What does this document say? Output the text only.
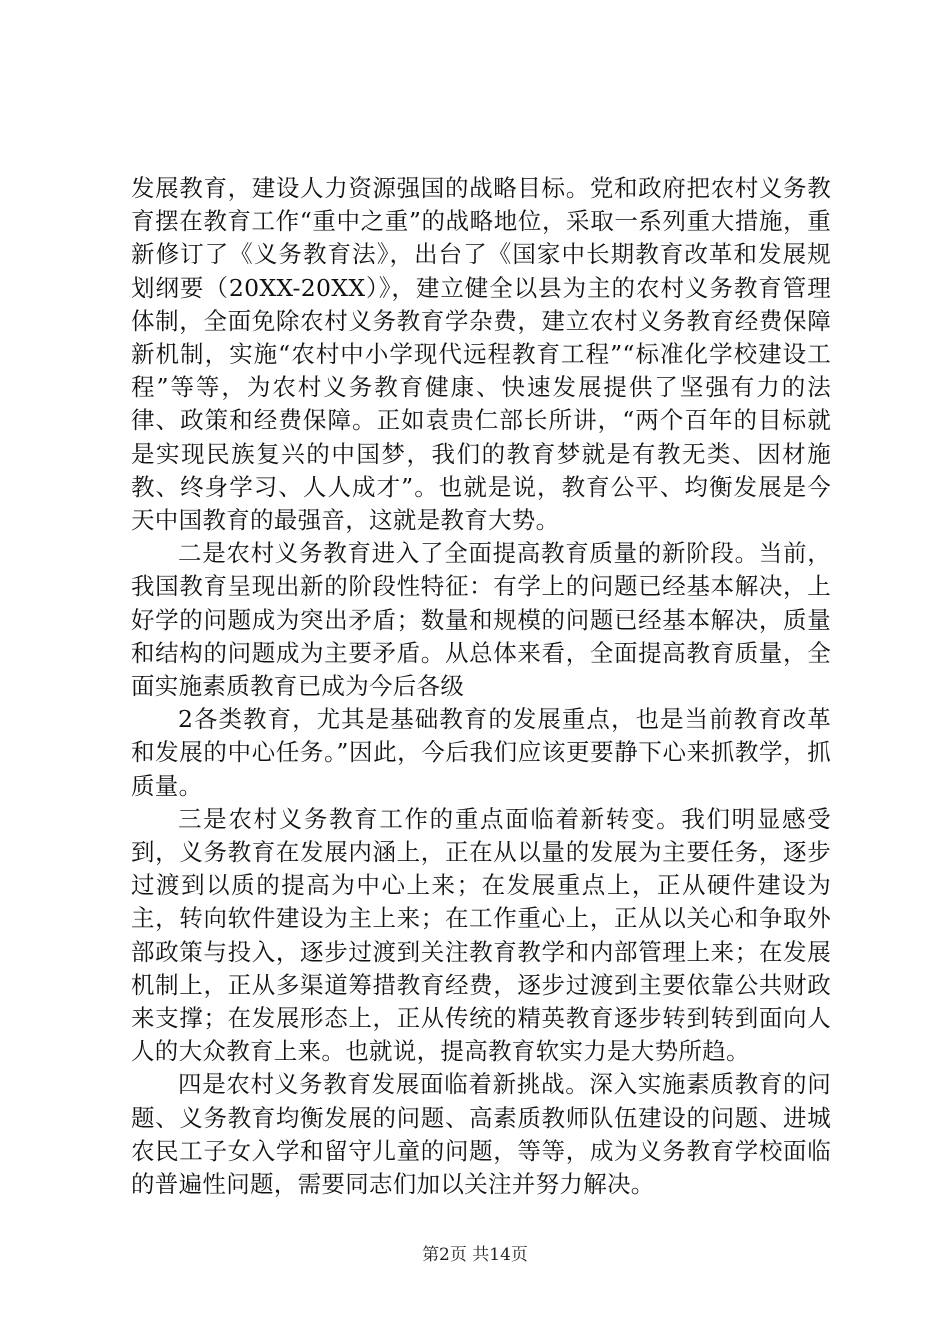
发展教育，建设人力资源强国的战略目标。党和政府把农村义务教育摆在教育工作“重中之重”的战略地位，采取一系列重大措施，重新修订了《义务教育法》，出台了《国家中长期教育改革和发展规划纲要（20XX-20XX）》，建立健全以县为主的农村义务教育管理体制，全面免除农村义务教育学杂费，建立农村义务教育经费保障新机制，实施“农村中小学现代远程教育工程”“标准化学校建设工程”等等，为农村义务教育健康、快速发展提供了坚强有力的法律、政策和经费保障。正如袁贵仁部长所讲，“两个百年的目标就是实现民族复兴的中国梦，我们的教育梦就是有教无类、因材施教、终身学习、人人成才”。也就是说，教育公平、均衡发展是今天中国教育的最强音，这就是教育大势。

二是农村义务教育进入了全面提高教育质量的新阶段。当前，我国教育呈现出新的阶段性特征：有学上的问题已经基本解决，上好学的问题成为突出矛盾；数量和规模的问题已经基本解决，质量和结构的问题成为主要矛盾。从总体来看，全面提高教育质量，全面实施素质教育已成为今后各级

2各类教育，尤其是基础教育的发展重点，也是当前教育改革和发展的中心任务。”因此，今后我们应该更要静下心来抓教学，抓质量。

三是农村义务教育工作的重点面临着新转变。我们明显感受到，义务教育在发展内涵上，正在从以量的发展为主要任务，逐步过渡到以质的提高为中心上来；在发展重点上，正从硬件建设为主，转向软件建设为主上来；在工作重心上，正从以关心和争取外部政策与投入，逐步过渡到关注教育教学和内部管理上来；在发展机制上，正从多渠道筹措教育经费，逐步过渡到主要依靠公共财政来支撑；在发展形态上，正从传统的精英教育逐步转到转到面向人人的大众教育上来。也就说，提高教育软实力是大势所趋。

四是农村义务教育发展面临着新挑战。深入实施素质教育的问题、义务教育均衡发展的问题、高素质教师队伍建设的问题、进城农民工子女入学和留守儿童的问题，等等，成为义务教育学校面临的普遍性问题，需要同志们加以关注并努力解决。

第2页 共14页
